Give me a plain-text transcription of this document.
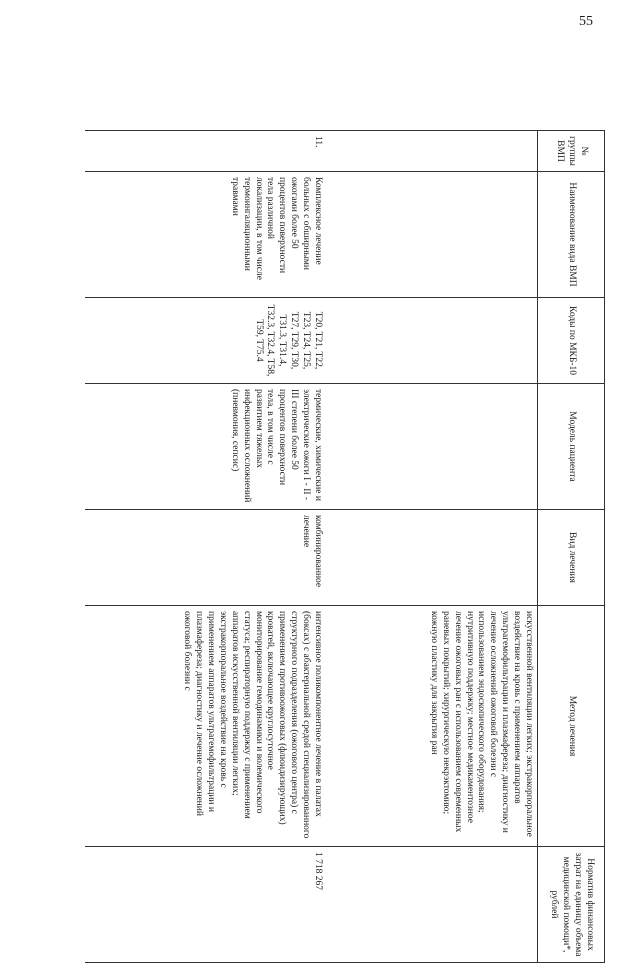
55
№ группы ВМП	Наименование вида ВМП	Коды по МКБ-10	Модель пациента	Вид лечения	Метод лечения	Норматив финансовых затрат на единицу объема медицинской помощи*, рублей
					искусственной вентиляции легких; экстракорпоральное воздействие на кровь с применением аппаратов ультрагемофильтрации и плазмафереза; диагностику и лечение осложнений ожоговой болезни с использованием эндоскопического оборудования; нутритивную поддержку; местное медикаментозное лечение ожоговых ран с использованием современных раневых покрытий; хирургическую некрэктомию; кожную пластику для закрытия ран	
11.	Комплексное лечение больных с обширными ожогами более 50 процентов поверхности тела различной локализации, в том числе термоингаляционными травмами	T20, T21, T22, T23, T24, T25, T27, T29, T30, T31.3, T31.4, T32.3, T32.4, T58, T59, T75.4	термические, химические и электрические ожоги I - II - III степени более 50 процентов поверхности тела, в том числе с развитием тяжелых инфекционных осложнений (пневмония, сепсис)	комбинированное лечение	интенсивное поликомпонентное лечение в палатах (боксах) с абактериальной средой специализированного структурного подразделения (ожогового центра) с применением противоожоговых (флюидизирующих) кроватей, включающее круглосуточное мониторирование гемодинамики и волемического статуса; респираторную поддержку с применением аппаратов искусственной вентиляции легких; экстракорпоральное воздействие на кровь с применением аппаратов ультрагемофильтрации и плазмафереза; диагностику и лечение осложнений ожоговой болезни с	1 718 267
